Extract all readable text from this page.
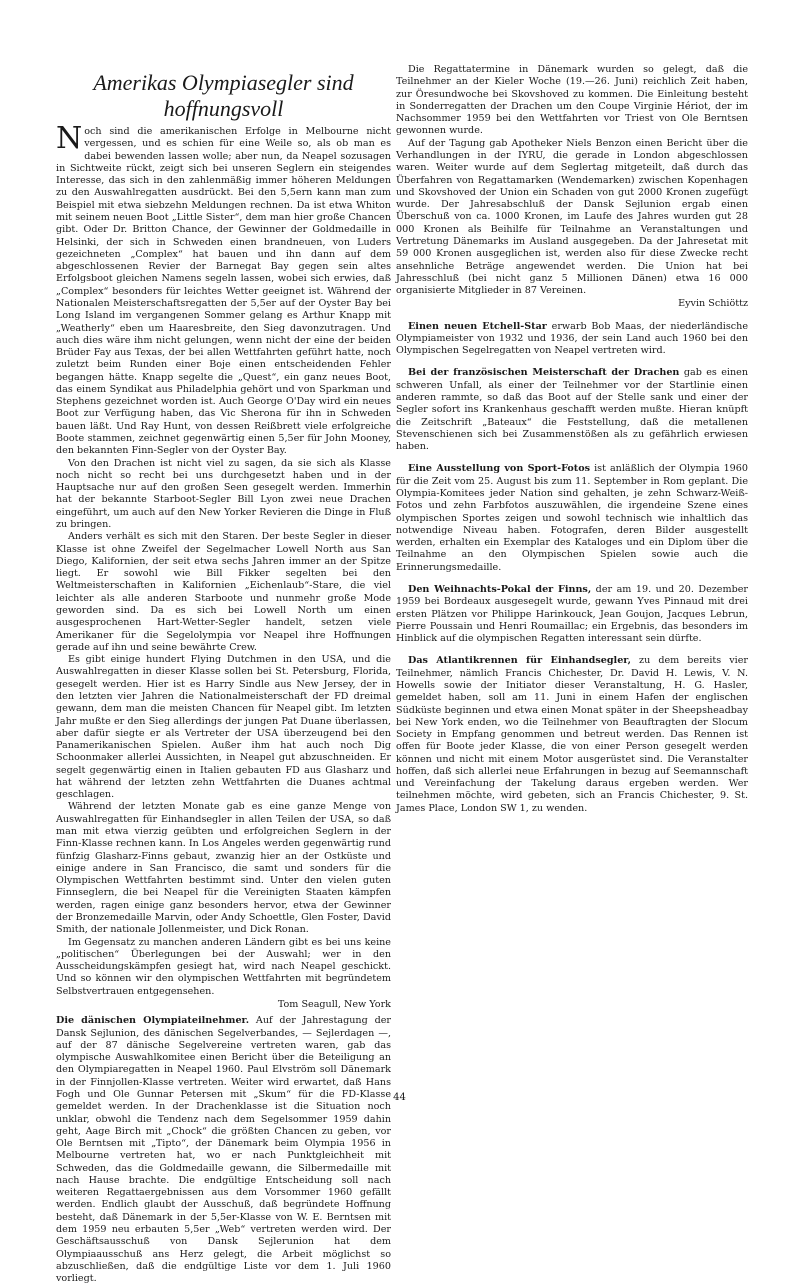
Amerikas Olympiasegler sind
hoffnungsvoll

Noch sind die amerikanischen Erfolge in Melbourne nicht vergessen, und es schien für eine Weile so, als ob man es dabei bewenden lassen wolle; aber nun, da Neapel sozusagen in Sichtweite rückt, zeigt sich bei unseren Seglern ein steigendes Interesse, das sich in den zahlenmäßig immer höheren Meldungen zu den Auswahlregatten ausdrückt. Bei den 5,5ern kann man zum Beispiel mit etwa siebzehn Meldungen rechnen. Da ist etwa Whiton mit seinem neuen Boot „Little Sister“, dem man hier große Chancen gibt. Oder Dr. Britton Chance, der Gewinner der Goldmedaille in Helsinki, der sich in Schweden einen brandneuen, von Luders gezeichneten „Complex“ hat bauen und ihn dann auf dem abgeschlossenen Revier der Barnegat Bay gegen sein altes Erfolgsboot gleichen Namens segeln lassen, wobei sich erwies, daß „Complex“ besonders für leichtes Wetter geeignet ist. Während der Nationalen Meisterschaftsregatten der 5,5er auf der Oyster Bay bei Long Island im vergangenen Sommer gelang es Arthur Knapp mit „Weatherly“ eben um Haaresbreite, den Sieg davonzutragen. Und auch dies wäre ihm nicht gelungen, wenn nicht der eine der beiden Brüder Fay aus Texas, der bei allen Wettfahrten geführt hatte, noch zuletzt beim Runden einer Boje einen entscheidenden Fehler begangen hätte. Knapp segelte die „Quest“, ein ganz neues Boot, das einem Syndikat aus Philadelphia gehört und von Sparkman und Stephens gezeichnet worden ist. Auch George O'Day wird ein neues Boot zur Verfügung haben, das Vic Sherona für ihn in Schweden bauen läßt. Und Ray Hunt, von dessen Reißbrett viele erfolgreiche Boote stammen, zeichnet gegenwärtig einen 5,5er für John Mooney, den bekannten Finn-Segler von der Oyster Bay.

Von den Drachen ist nicht viel zu sagen, da sie sich als Klasse noch nicht so recht bei uns durchgesetzt haben und in der Hauptsache nur auf den großen Seen gesegelt werden. Immerhin hat der bekannte Starboot-Segler Bill Lyon zwei neue Drachen eingeführt, um auch auf den New Yorker Revieren die Dinge in Fluß zu bringen.

Anders verhält es sich mit den Staren. Der beste Segler in dieser Klasse ist ohne Zweifel der Segelmacher Lowell North aus San Diego, Kalifornien, der seit etwa sechs Jahren immer an der Spitze liegt. Er sowohl wie Bill Fikker segelten bei den Weltmeisterschaften in Kalifornien „Eichenlaub“-Stare, die viel leichter als alle anderen Starboote und nunmehr große Mode geworden sind. Da es sich bei Lowell North um einen ausgesprochenen Hart-Wetter-Segler handelt, setzen viele Amerikaner für die Segelolympia vor Neapel ihre Hoffnungen gerade auf ihn und seine bewährte Crew.

Es gibt einige hundert Flying Dutchmen in den USA, und die Auswahlregatten in dieser Klasse sollen bei St. Petersburg, Florida, gesegelt werden. Hier ist es Harry Sindle aus New Jersey, der in den letzten vier Jahren die Nationalmeisterschaft der FD dreimal gewann, dem man die meisten Chancen für Neapel gibt. Im letzten Jahr mußte er den Sieg allerdings der jungen Pat Duane überlassen, aber dafür siegte er als Vertreter der USA überzeugend bei den Panamerikanischen Spielen. Außer ihm hat auch noch Dig Schoonmaker allerlei Aussichten, in Neapel gut abzuschneiden. Er segelt gegenwärtig einen in Italien gebauten FD aus Glasharz und hat während der letzten zehn Wettfahrten die Duanes achtmal geschlagen.

Während der letzten Monate gab es eine ganze Menge von Auswahlregatten für Einhandsegler in allen Teilen der USA, so daß man mit etwa vierzig geübten und erfolgreichen Seglern in der Finn-Klasse rechnen kann. In Los Angeles werden gegenwärtig rund fünfzig Glasharz-Finns gebaut, zwanzig hier an der Ostküste und einige andere in San Francisco, die samt und sonders für die Olympischen Wettfahrten bestimmt sind. Unter den vielen guten Finnseglern, die bei Neapel für die Vereinigten Staaten kämpfen werden, ragen einige ganz besonders hervor, etwa der Gewinner der Bronzemedaille Marvin, oder Andy Schoettle, Glen Foster, David Smith, der nationale Jollenmeister, und Dick Ronan.

Im Gegensatz zu manchen anderen Ländern gibt es bei uns keine „politischen“ Überlegungen bei der Auswahl; wer in den Ausscheidungskämpfen gesiegt hat, wird nach Neapel geschickt. Und so können wir den olympischen Wettfahrten mit begründetem Selbstvertrauen entgegensehen.

Tom Seagull, New York

Die dänischen Olympiateilnehmer. Auf der Jahrestagung der Dansk Sejlunion, des dänischen Segelverbandes, — Sejlerdagen —, auf der 87 dänische Segelvereine vertreten waren, gab das olympische Auswahlkomitee einen Bericht über die Beteiligung an den Olympiaregatten in Neapel 1960. Paul Elvström soll Dänemark in der Finnjollen-Klasse vertreten. Weiter wird erwartet, daß Hans Fogh und Ole Gunnar Petersen mit „Skum“ für die FD-Klasse gemeldet werden. In der Drachenklasse ist die Situation noch unklar, obwohl die Tendenz nach dem Segelsommer 1959 dahin geht, Aage Birch mit „Chock“ die größten Chancen zu geben, vor Ole Berntsen mit „Tipto“, der Dänemark beim Olympia 1956 in Melbourne vertreten hat, wo er nach Punktgleichheit mit Schweden, das die Goldmedaille gewann, die Silbermedaille mit nach Hause brachte. Die endgültige Entscheidung soll nach weiteren Regattaergebnissen aus dem Vorsommer 1960 gefällt werden. Endlich glaubt der Ausschuß, daß begründete Hoffnung besteht, daß Dänemark in der 5,5er-Klasse von W. E. Berntsen mit dem 1959 neu erbauten 5,5er „Web“ vertreten werden wird. Der Geschäftsausschuß von Dansk Sejlerunion hat dem Olympiaausschuß ans Herz gelegt, die Arbeit möglichst so abzuschließen, daß die endgültige Liste vor dem 1. Juli 1960 vorliegt.

Die Regattatermine in Dänemark wurden so gelegt, daß die Teilnehmer an der Kieler Woche (19.—26. Juni) reichlich Zeit haben, zur Öresundwoche bei Skovshoved zu kommen. Die Einleitung besteht in Sonderregatten der Drachen um den Coupe Virginie Hériot, der im Nachsommer 1959 bei den Wettfahrten vor Triest von Ole Berntsen gewonnen wurde.

Auf der Tagung gab Apotheker Niels Benzon einen Bericht über die Verhandlungen in der IYRU, die gerade in London abgeschlossen waren. Weiter wurde auf dem Seglertag mitgeteilt, daß durch das Überfahren von Regattamarken (Wendemarken) zwischen Kopenhagen und Skovshoved der Union ein Schaden von gut 2000 Kronen zugefügt wurde. Der Jahresabschluß der Dansk Sejlunion ergab einen Überschuß von ca. 1000 Kronen, im Laufe des Jahres wurden gut 28 000 Kronen als Beihilfe für Teilnahme an Veranstaltungen und Vertretung Dänemarks im Ausland ausgegeben. Da der Jahresetat mit 59 000 Kronen ausgeglichen ist, werden also für diese Zwecke recht ansehnliche Beträge angewendet werden. Die Union hat bei Jahresschluß (bei nicht ganz 5 Millionen Dänen) etwa 16 000 organisierte Mitglieder in 87 Vereinen.

Eyvin Schiöttz

Einen neuen Etchell-Star erwarb Bob Maas, der niederländische Olympiameister von 1932 und 1936, der sein Land auch 1960 bei den Olympischen Segelregatten von Neapel vertreten wird.

Bei der französischen Meisterschaft der Drachen gab es einen schweren Unfall, als einer der Teilnehmer vor der Startlinie einen anderen rammte, so daß das Boot auf der Stelle sank und einer der Segler sofort ins Krankenhaus geschafft werden mußte. Hieran knüpft die Zeitschrift „Bateaux“ die Feststellung, daß die metallenen Stevenschienen sich bei Zusammenstößen als zu gefährlich erwiesen haben.

Eine Ausstellung von Sport-Fotos ist anläßlich der Olympia 1960 für die Zeit vom 25. August bis zum 11. September in Rom geplant. Die Olympia-Komitees jeder Nation sind gehalten, je zehn Schwarz-Weiß-Fotos und zehn Farbfotos auszuwählen, die irgendeine Szene eines olympischen Sportes zeigen und sowohl technisch wie inhaltlich das notwendige Niveau haben. Fotografen, deren Bilder ausgestellt werden, erhalten ein Exemplar des Kataloges und ein Diplom über die Teilnahme an den Olympischen Spielen sowie auch die Erinnerungsmedaille.

Den Weihnachts-Pokal der Finns, der am 19. und 20. Dezember 1959 bei Bordeaux ausgesegelt wurde, gewann Yves Pinnaud mit drei ersten Plätzen vor Philippe Harinkouck, Jean Goujon, Jacques Lebrun, Pierre Poussain und Henri Roumaillac; ein Ergebnis, das besonders im Hinblick auf die olympischen Regatten interessant sein dürfte.

Das Atlantikrennen für Einhandsegler, zu dem bereits vier Teilnehmer, nämlich Francis Chichester, Dr. David H. Lewis, V. N. Howells sowie der Initiator dieser Veranstaltung, H. G. Hasler, gemeldet haben, soll am 11. Juni in einem Hafen der englischen Südküste beginnen und etwa einen Monat später in der Sheepsheadbay bei New York enden, wo die Teilnehmer von Beauftragten der Slocum Society in Empfang genommen und betreut werden. Das Rennen ist offen für Boote jeder Klasse, die von einer Person gesegelt werden können und nicht mit einem Motor ausgerüstet sind. Die Veranstalter hoffen, daß sich allerlei neue Erfahrungen in bezug auf Seemannschaft und Vereinfachung der Takelung daraus ergeben werden. Wer teilnehmen möchte, wird gebeten, sich an Francis Chichester, 9. St. James Place, London SW 1, zu wenden.

44
